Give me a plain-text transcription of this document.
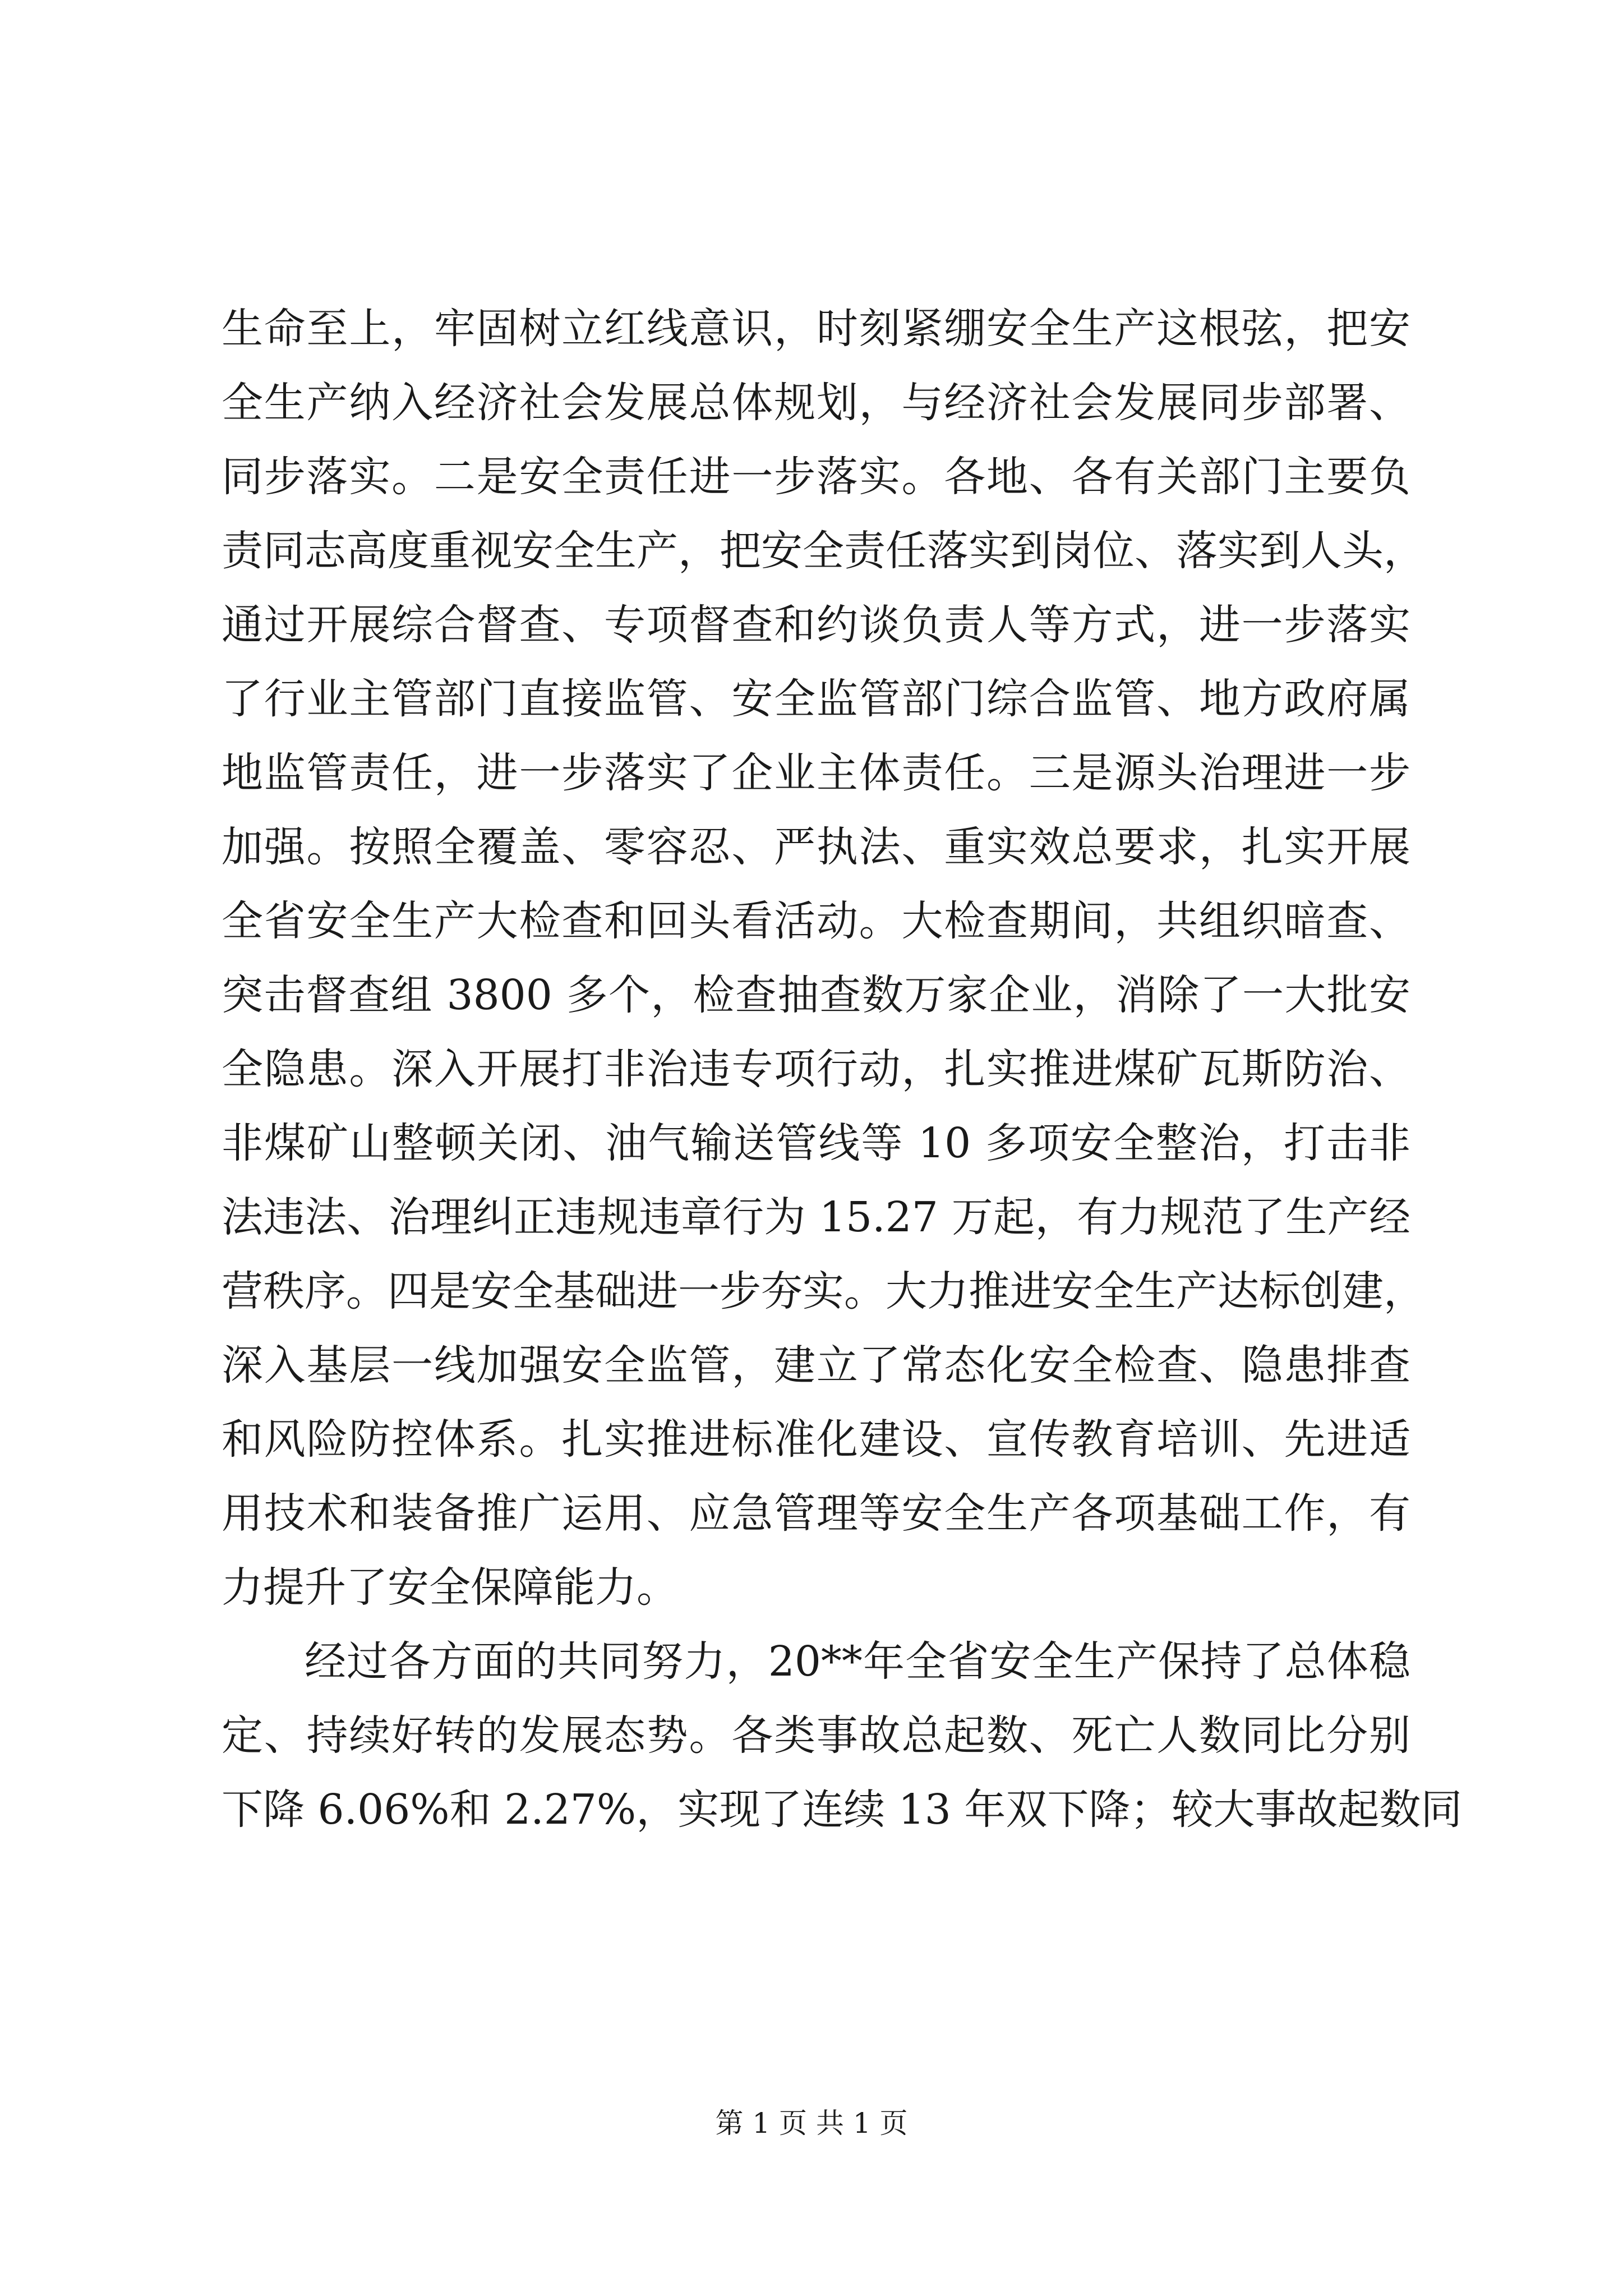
生命至上，牢固树立红线意识，时刻紧绷安全生产这根弦，把安
全生产纳入经济社会发展总体规划，与经济社会发展同步部署、
同步落实。二是安全责任进一步落实。各地、各有关部门主要负
责同志高度重视安全生产，把安全责任落实到岗位、落实到人头，
通过开展综合督查、专项督查和约谈负责人等方式，进一步落实
了行业主管部门直接监管、安全监管部门综合监管、地方政府属
地监管责任，进一步落实了企业主体责任。三是源头治理进一步
加强。按照全覆盖、零容忍、严执法、重实效总要求，扎实开展
全省安全生产大检查和回头看活动。大检查期间，共组织暗查、
突击督查组 3800 多个，检查抽查数万家企业，消除了一大批安
全隐患。深入开展打非治违专项行动，扎实推进煤矿瓦斯防治、
非煤矿山整顿关闭、油气输送管线等 10 多项安全整治，打击非
法违法、治理纠正违规违章行为 15.27 万起，有力规范了生产经
营秩序。四是安全基础进一步夯实。大力推进安全生产达标创建，
深入基层一线加强安全监管，建立了常态化安全检查、隐患排查
和风险防控体系。扎实推进标准化建设、宣传教育培训、先进适
用技术和装备推广运用、应急管理等安全生产各项基础工作，有
力提升了安全保障能力。
经过各方面的共同努力，20**年全省安全生产保持了总体稳
定、持续好转的发展态势。各类事故总起数、死亡人数同比分别
下降 6.06%和 2.27%，实现了连续 13 年双下降；较大事故起数同
第 1 页 共 1 页
